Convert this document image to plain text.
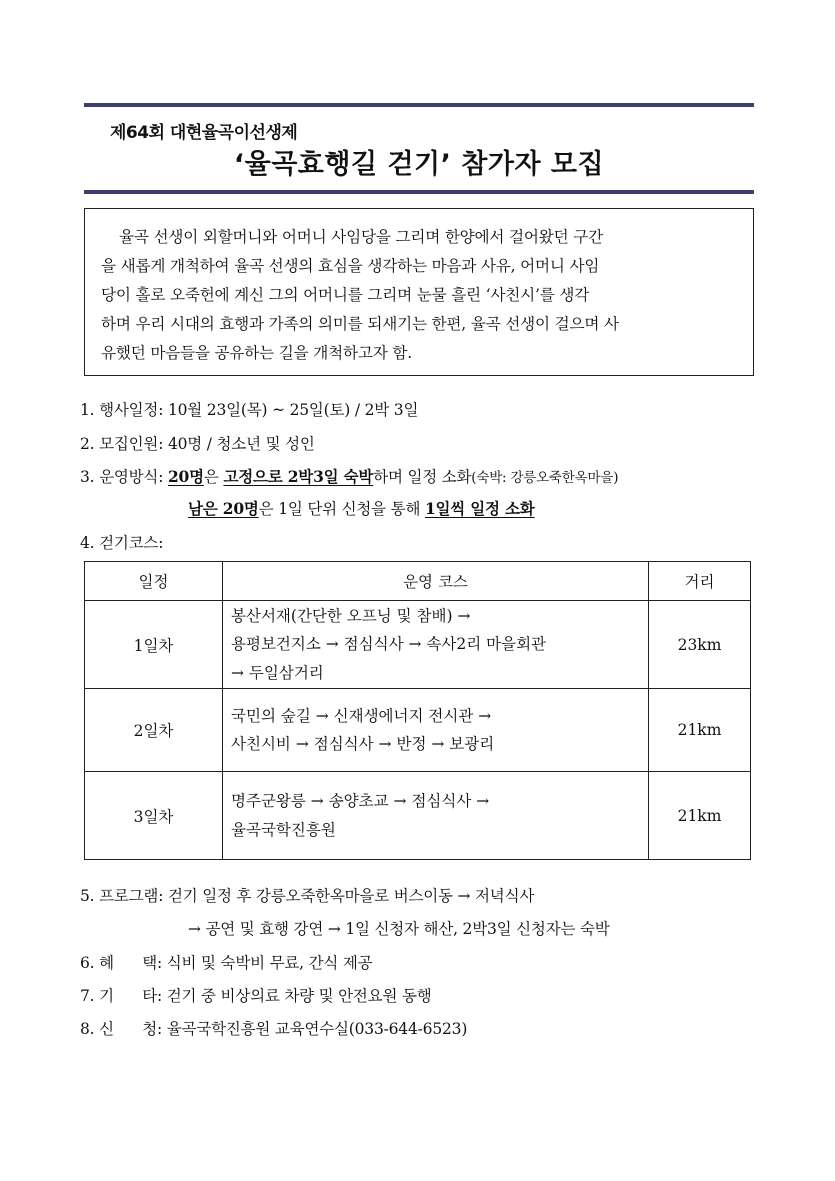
제64회 대현율곡이선생제
‘율곡효행길 걷기’ 참가자 모집
율곡 선생이 외할머니와 어머니 사임당을 그리며 한양에서 걸어왔던 구간
을 새롭게 개척하여 율곡 선생의 효심을 생각하는 마음과 사유, 어머니 사임
당이 홀로 오죽헌에 계신 그의 어머니를 그리며 눈물 흘린 ‘사친시’를 생각
하며 우리 시대의 효행과 가족의 의미를 되새기는 한편, 율곡 선생이 걸으며 사
유했던 마음들을 공유하는 길을 개척하고자 함.
1. 행사일정: 10월 23일(목) ~ 25일(토) / 2박 3일
2. 모집인원: 40명 / 청소년 및 성인
3. 운영방식: 20명은 고정으로 2박3일 숙박하며 일정 소화(숙박: 강릉오죽한옥마을)
남은 20명은 1일 단위 신청을 통해 1일씩 일정 소화
4. 걷기코스:
일정	운영 코스	거리
1일차	봉산서재(간단한 오프닝 및 참배) →
용평보건지소 → 점심식사 → 속사2리 마을회관
→ 두일삼거리	23km
2일차	국민의 숲길 → 신재생에너지 전시관 →
사친시비 → 점심식사 → 반정 → 보광리	21km
3일차	명주군왕릉 → 송양초교 → 점심식사 →
율곡국학진흥원	21km
5. 프로그램: 걷기 일정 후 강릉오죽한옥마을로 버스이동 → 저녁식사
→ 공연 및 효행 강연 → 1일 신청자 해산, 2박3일 신청자는 숙박
6. 혜      택: 식비 및 숙박비 무료, 간식 제공
7. 기      타: 걷기 중 비상의료 차량 및 안전요원 동행
8. 신      청: 율곡국학진흥원 교육연수실(033-644-6523)
